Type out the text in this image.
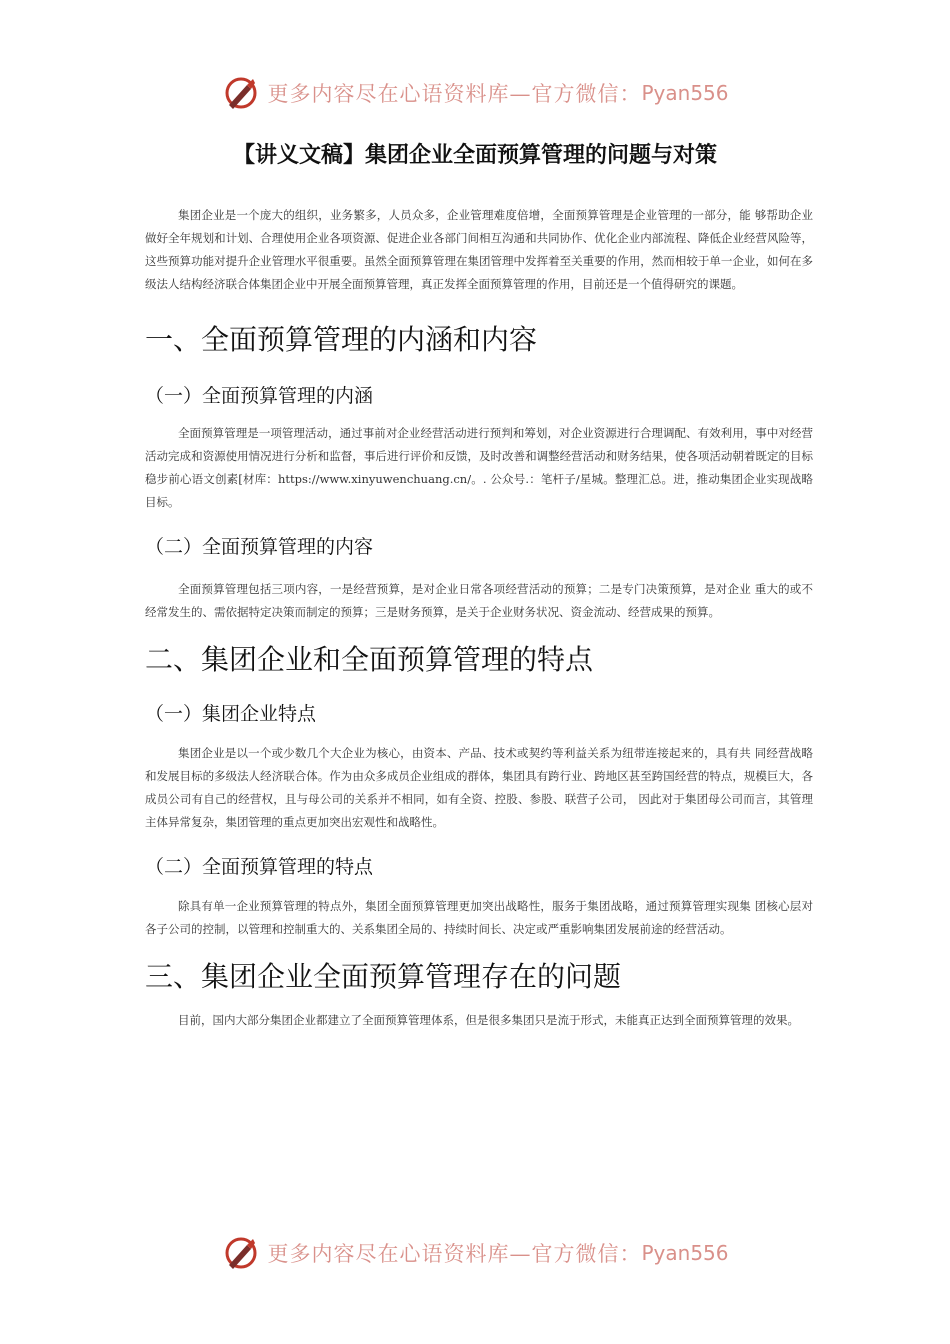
更多内容尽在心语资料库—官方微信： Pyan556
【讲义文稿】集团企业全面预算管理的问题与对策

集团企业是一个庞大的组织，业务繁多，人员众多，企业管理难度倍增，全面预算管理是企业管理的一部分，能 够帮助企业做好全年规划和计划、合理使用企业各项资源、促进企业各部门间相互沟通和共同协作、优化企业内部流程、降低企业经营风险等，这些预算功能对提升企业管理水平很重要。虽然全面预算管理在集团管理中发挥着至关重要的作用，然而相较于单一企业，如何在多级法人结构经济联合体集团企业中开展全面预算管理，真正发挥全面预算管理的作用，目前还是一个值得研究的课题。

一、全面预算管理的内涵和内容
（一）全面预算管理的内涵

全面预算管理是一项管理活动，通过事前对企业经营活动进行预判和筹划，对企业资源进行合理调配、有效利用，事中对经营活动完成和资源使用情况进行分析和监督，事后进行评价和反馈，及时改善和调整经营活动和财务结果，使各项活动朝着既定的目标稳步前心语文创素[材库：https://www.xinyuwenchuang.cn/。. 公众号.：笔杆子/星城。整理汇总。进，推动集团企业实现战略目标。

（二）全面预算管理的内容

全面预算管理包括三项内容，一是经营预算，是对企业日常各项经营活动的预算；二是专门决策预算，是对企业 重大的或不经常发生的、需依据特定决策而制定的预算；三是财务预算，是关于企业财务状况、资金流动、经营成果的预算。

二、集团企业和全面预算管理的特点
（一）集团企业特点

集团企业是以一个或少数几个大企业为核心，由资本、产品、技术或契约等利益关系为纽带连接起来的，具有共 同经营战略和发展目标的多级法人经济联合体。作为由众多成员企业组成的群体，集团具有跨行业、跨地区甚至跨国经营的特点，规模巨大，各成员公司有自己的经营权，且与母公司的关系并不相同，如有全资、控股、参股、联营子公司， 因此对于集团母公司而言，其管理主体异常复杂，集团管理的重点更加突出宏观性和战略性。

（二）全面预算管理的特点

除具有单一企业预算管理的特点外，集团全面预算管理更加突出战略性，服务于集团战略，通过预算管理实现集 团核心层对各子公司的控制，以管理和控制重大的、关系集团全局的、持续时间长、决定或严重影响集团发展前途的经营活动。

三、集团企业全面预算管理存在的问题

目前，国内大部分集团企业都建立了全面预算管理体系，但是很多集团只是流于形式，未能真正达到全面预算管理的效果。

更多内容尽在心语资料库—官方微信： Pyan556
